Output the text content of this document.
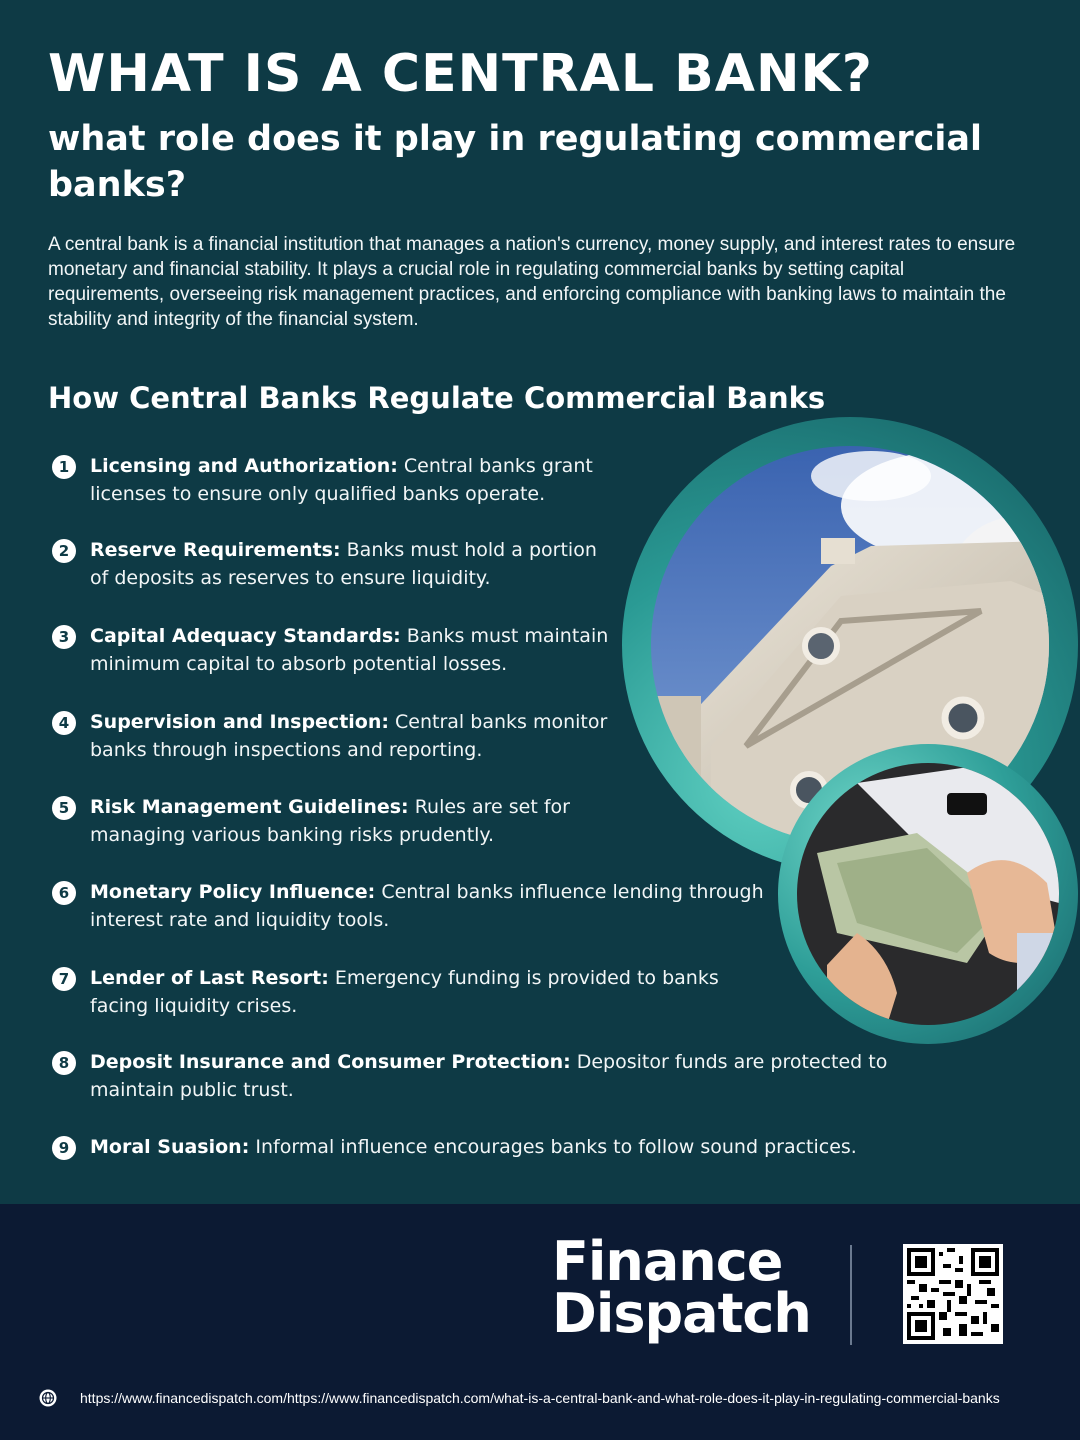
WHAT IS A CENTRAL BANK?
what role does it play in regulating commercial banks?

A central bank is a financial institution that manages a nation's currency, money supply, and interest rates to ensure monetary and financial stability. It plays a crucial role in regulating commercial banks by setting capital requirements, overseeing risk management practices, and enforcing compliance with banking laws to maintain the stability and integrity of the financial system.

How Central Banks Regulate Commercial Banks
1	Licensing and Authorization: Central banks grant licenses to ensure only qualified banks operate.

2	Reserve Requirements: Banks must hold a portion of deposits as reserves to ensure liquidity.

3	Capital Adequacy Standards: Banks must maintain minimum capital to absorb potential losses.

4	Supervision and Inspection: Central banks monitor banks through inspections and reporting.

5	Risk Management Guidelines: Rules are set for managing various banking risks prudently.

6	Monetary Policy Influence: Central banks influence lending through interest rate and liquidity tools.

7	Lender of Last Resort: Emergency funding is provided to banks facing liquidity crises.

8	Deposit Insurance and Consumer Protection: Depositor funds are protected to maintain public trust.

9	Moral Suasion: Informal influence encourages banks to follow sound practices.

Finance
Dispatch
https://www.financedispatch.com/https://www.financedispatch.com/what-is-a-central-bank-and-what-role-does-it-play-in-regulating-commercial-banks
